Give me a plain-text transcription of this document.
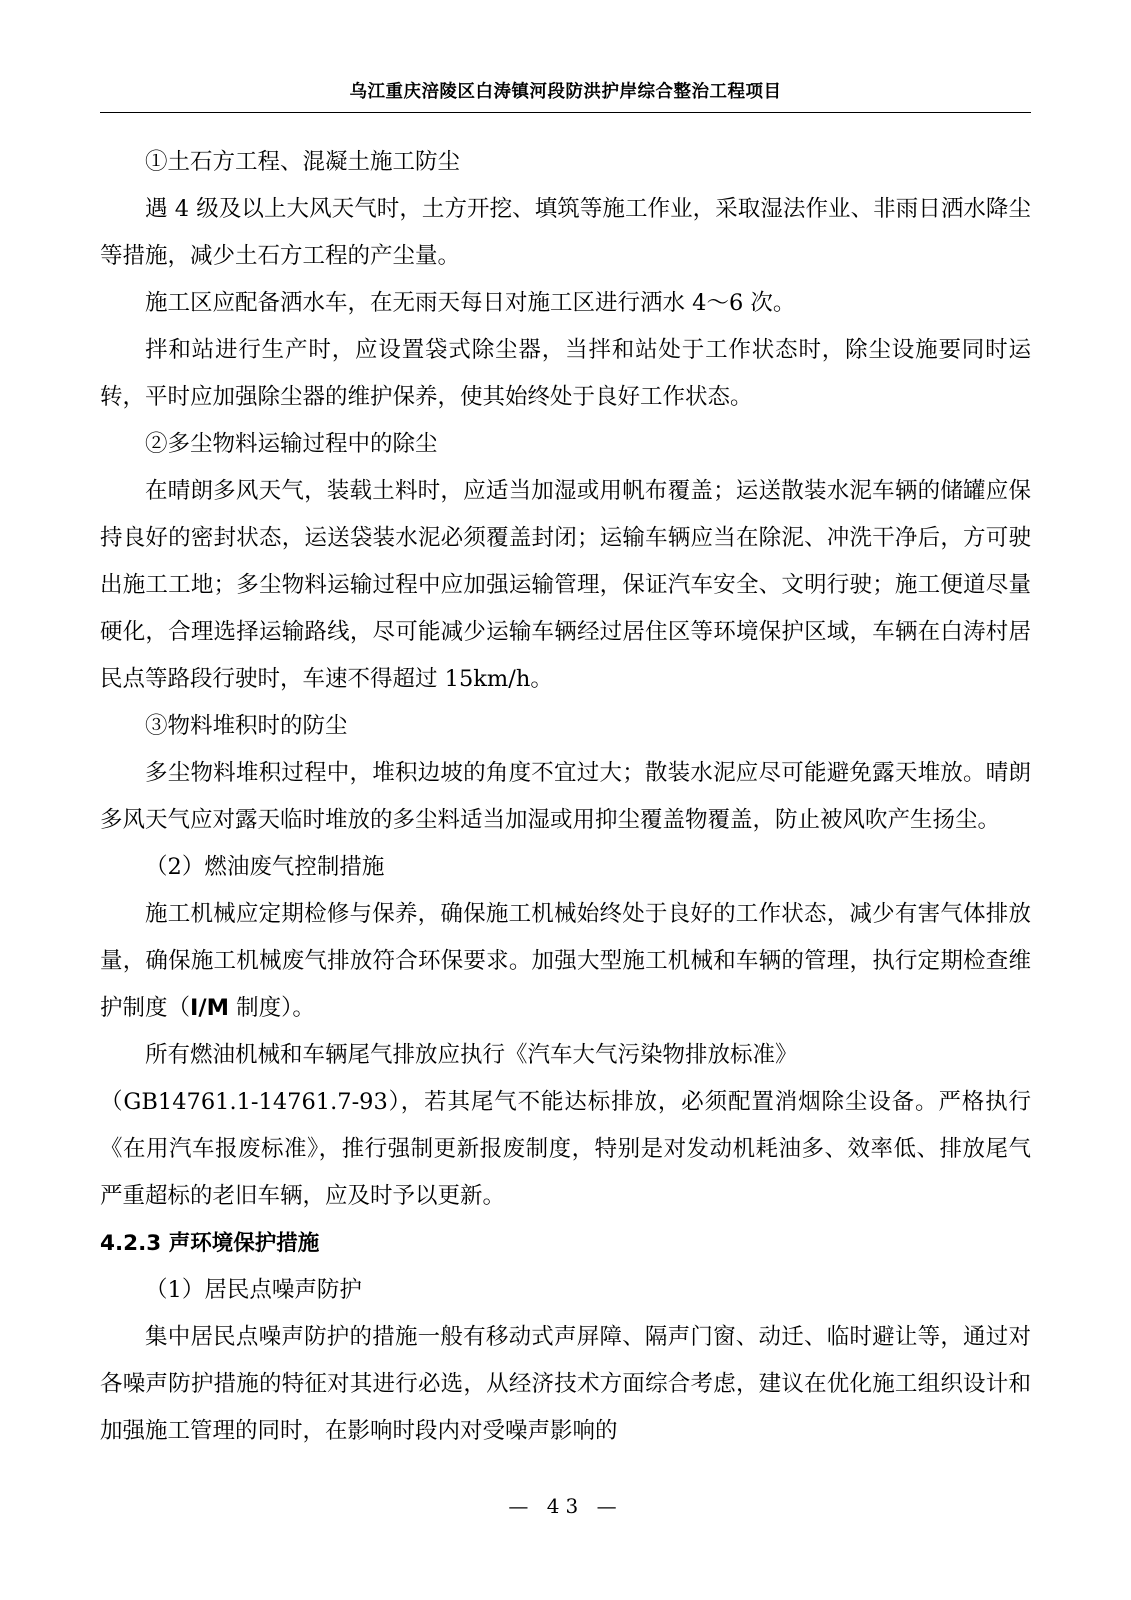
乌江重庆涪陵区白涛镇河段防洪护岸综合整治工程项目

①土石方工程、混凝土施工防尘

遇 4 级及以上大风天气时，土方开挖、填筑等施工作业，采取湿法作业、非雨日洒水降尘等措施，减少土石方工程的产尘量。

施工区应配备洒水车，在无雨天每日对施工区进行洒水 4～6 次。

拌和站进行生产时，应设置袋式除尘器，当拌和站处于工作状态时，除尘设施要同时运转，平时应加强除尘器的维护保养，使其始终处于良好工作状态。

②多尘物料运输过程中的除尘

在晴朗多风天气，装载土料时，应适当加湿或用帆布覆盖；运送散装水泥车辆的储罐应保持良好的密封状态，运送袋装水泥必须覆盖封闭；运输车辆应当在除泥、冲洗干净后，方可驶出施工工地；多尘物料运输过程中应加强运输管理，保证汽车安全、文明行驶；施工便道尽量硬化，合理选择运输路线，尽可能减少运输车辆经过居住区等环境保护区域，车辆在白涛村居民点等路段行驶时，车速不得超过 15km/h。

③物料堆积时的防尘

多尘物料堆积过程中，堆积边坡的角度不宜过大；散装水泥应尽可能避免露天堆放。晴朗多风天气应对露天临时堆放的多尘料适当加湿或用抑尘覆盖物覆盖，防止被风吹产生扬尘。

（2）燃油废气控制措施

施工机械应定期检修与保养，确保施工机械始终处于良好的工作状态，减少有害气体排放量，确保施工机械废气排放符合环保要求。加强大型施工机械和车辆的管理，执行定期检查维护制度（I/M 制度）。

所有燃油机械和车辆尾气排放应执行《汽车大气污染物排放标准》

（GB14761.1-14761.7-93），若其尾气不能达标排放，必须配置消烟除尘设备。严格执行《在用汽车报废标准》，推行强制更新报废制度，特别是对发动机耗油多、效率低、排放尾气严重超标的老旧车辆，应及时予以更新。

4.2.3 声环境保护措施

（1）居民点噪声防护

集中居民点噪声防护的措施一般有移动式声屏障、隔声门窗、动迁、临时避让等，通过对各噪声防护措施的特征对其进行必选，从经济技术方面综合考虑，建议在优化施工组织设计和加强施工管理的同时，在影响时段内对受噪声影响的

— 43 —
